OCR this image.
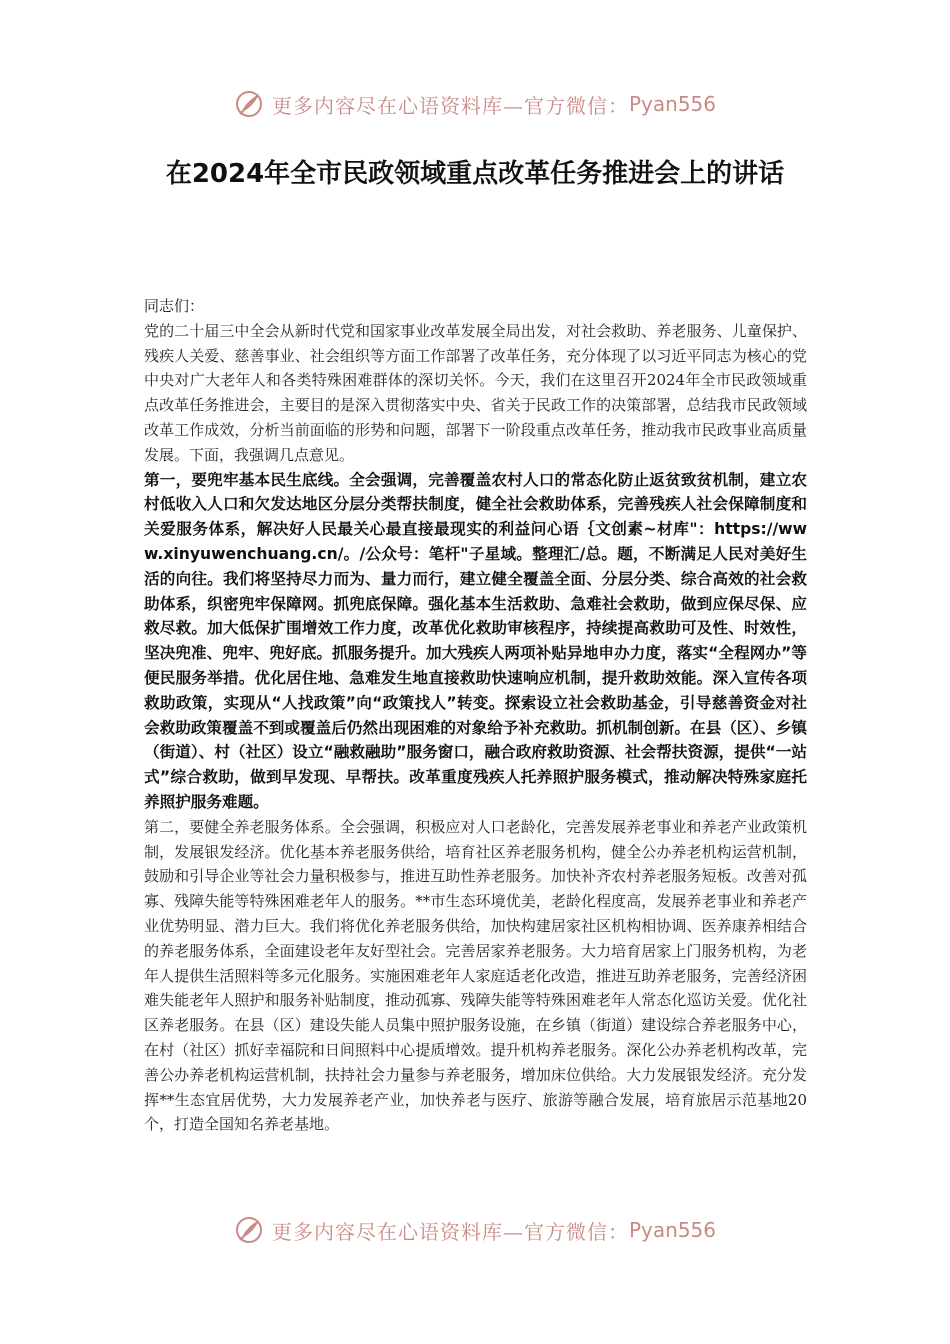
更多内容尽在心语资料库—官方微信： Pyan556
在2024年全市民政领域重点改革任务推进会上的讲话

同志们：

党的二十届三中全会从新时代党和国家事业改革发展全局出发，对社会救助、养老服务、儿童保护、残疾人关爱、慈善事业、社会组织等方面工作部署了改革任务，充分体现了以习近平同志为核心的党中央对广大老年人和各类特殊困难群体的深切关怀。今天，我们在这里召开2024年全市民政领域重点改革任务推进会，主要目的是深入贯彻落实中央、省关于民政工作的决策部署，总结我市民政领域改革工作成效，分析当前面临的形势和问题，部署下一阶段重点改革任务，推动我市民政事业高质量发展。下面，我强调几点意见。

第一，要兜牢基本民生底线。全会强调，完善覆盖农村人口的常态化防止返贫致贫机制，建立农村低收入人口和欠发达地区分层分类帮扶制度，健全社会救助体系，完善残疾人社会保障制度和关爱服务体系，解决好人民最关心最直接最现实的利益问心语｛文创素~材库"：https://www.xinyuwenchuang.cn/。/公众号：笔杆"子星域。整理汇/总。题，不断满足人民对美好生活的向往。我们将坚持尽力而为、量力而行，建立健全覆盖全面、分层分类、综合高效的社会救助体系，织密兜牢保障网。抓兜底保障。强化基本生活救助、急难社会救助，做到应保尽保、应救尽救。加大低保扩围增效工作力度，改革优化救助审核程序，持续提高救助可及性、时效性，坚决兜准、兜牢、兜好底。抓服务提升。加大残疾人两项补贴异地申办力度，落实“全程网办”等便民服务举措。优化居住地、急难发生地直接救助快速响应机制，提升救助效能。深入宣传各项救助政策，实现从“人找政策”向“政策找人”转变。探索设立社会救助基金，引导慈善资金对社会救助政策覆盖不到或覆盖后仍然出现困难的对象给予补充救助。抓机制创新。在县（区）、乡镇（街道）、村（社区）设立“融救融助”服务窗口，融合政府救助资源、社会帮扶资源，提供“一站式”综合救助，做到早发现、早帮扶。改革重度残疾人托养照护服务模式，推动解决特殊家庭托养照护服务难题。

第二，要健全养老服务体系。全会强调，积极应对人口老龄化，完善发展养老事业和养老产业政策机制，发展银发经济。优化基本养老服务供给，培育社区养老服务机构，健全公办养老机构运营机制，鼓励和引导企业等社会力量积极参与，推进互助性养老服务。加快补齐农村养老服务短板。改善对孤寡、残障失能等特殊困难老年人的服务。**市生态环境优美，老龄化程度高，发展养老事业和养老产业优势明显、潜力巨大。我们将优化养老服务供给，加快构建居家社区机构相协调、医养康养相结合的养老服务体系，全面建设老年友好型社会。完善居家养老服务。大力培育居家上门服务机构，为老年人提供生活照料等多元化服务。实施困难老年人家庭适老化改造，推进互助养老服务，完善经济困难失能老年人照护和服务补贴制度，推动孤寡、残障失能等特殊困难老年人常态化巡访关爱。优化社区养老服务。在县（区）建设失能人员集中照护服务设施，在乡镇（街道）建设综合养老服务中心，在村（社区）抓好幸福院和日间照料中心提质增效。提升机构养老服务。深化公办养老机构改革，完善公办养老机构运营机制，扶持社会力量参与养老服务，增加床位供给。大力发展银发经济。充分发挥**生态宜居优势，大力发展养老产业，加快养老与医疗、旅游等融合发展，培育旅居示范基地20个，打造全国知名养老基地。

更多内容尽在心语资料库—官方微信： Pyan556
